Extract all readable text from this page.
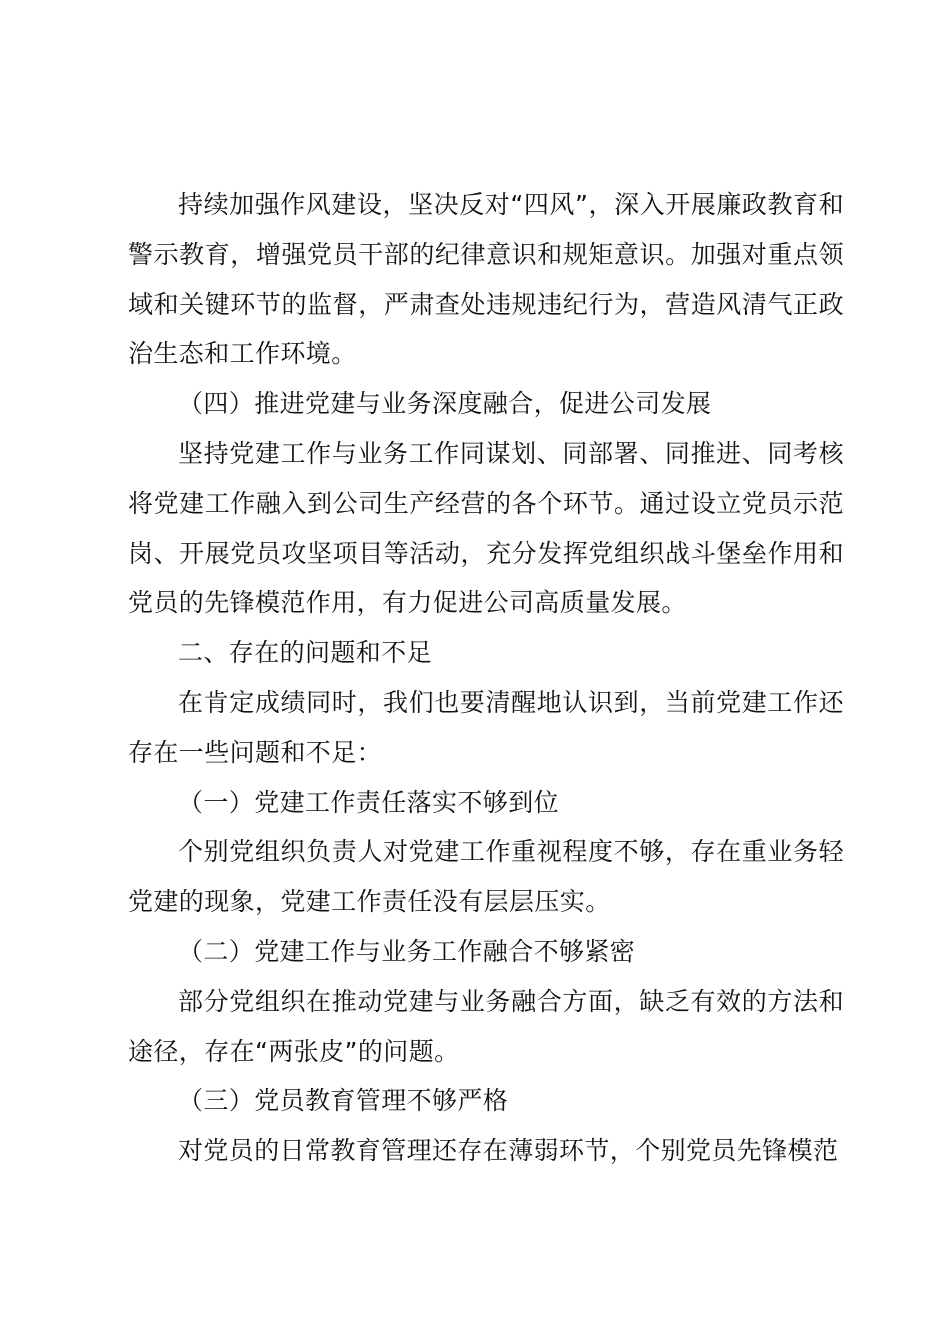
持续加强作风建设，坚决反对“四风”，深入开展廉政教育和警示教育，增强党员干部的纪律意识和规矩意识。加强对重点领域和关键环节的监督，严肃查处违规违纪行为，营造风清气正政治生态和工作环境。

（四）推进党建与业务深度融合，促进公司发展

坚持党建工作与业务工作同谋划、同部署、同推进、同考核将党建工作融入到公司生产经营的各个环节。通过设立党员示范岗、开展党员攻坚项目等活动，充分发挥党组织战斗堡垒作用和党员的先锋模范作用，有力促进公司高质量发展。

二、存在的问题和不足

在肯定成绩同时，我们也要清醒地认识到，当前党建工作还存在一些问题和不足：

（一）党建工作责任落实不够到位

个别党组织负责人对党建工作重视程度不够，存在重业务轻党建的现象，党建工作责任没有层层压实。

（二）党建工作与业务工作融合不够紧密

部分党组织在推动党建与业务融合方面，缺乏有效的方法和途径，存在“两张皮”的问题。

（三）党员教育管理不够严格

对党员的日常教育管理还存在薄弱环节，个别党员先锋模范
